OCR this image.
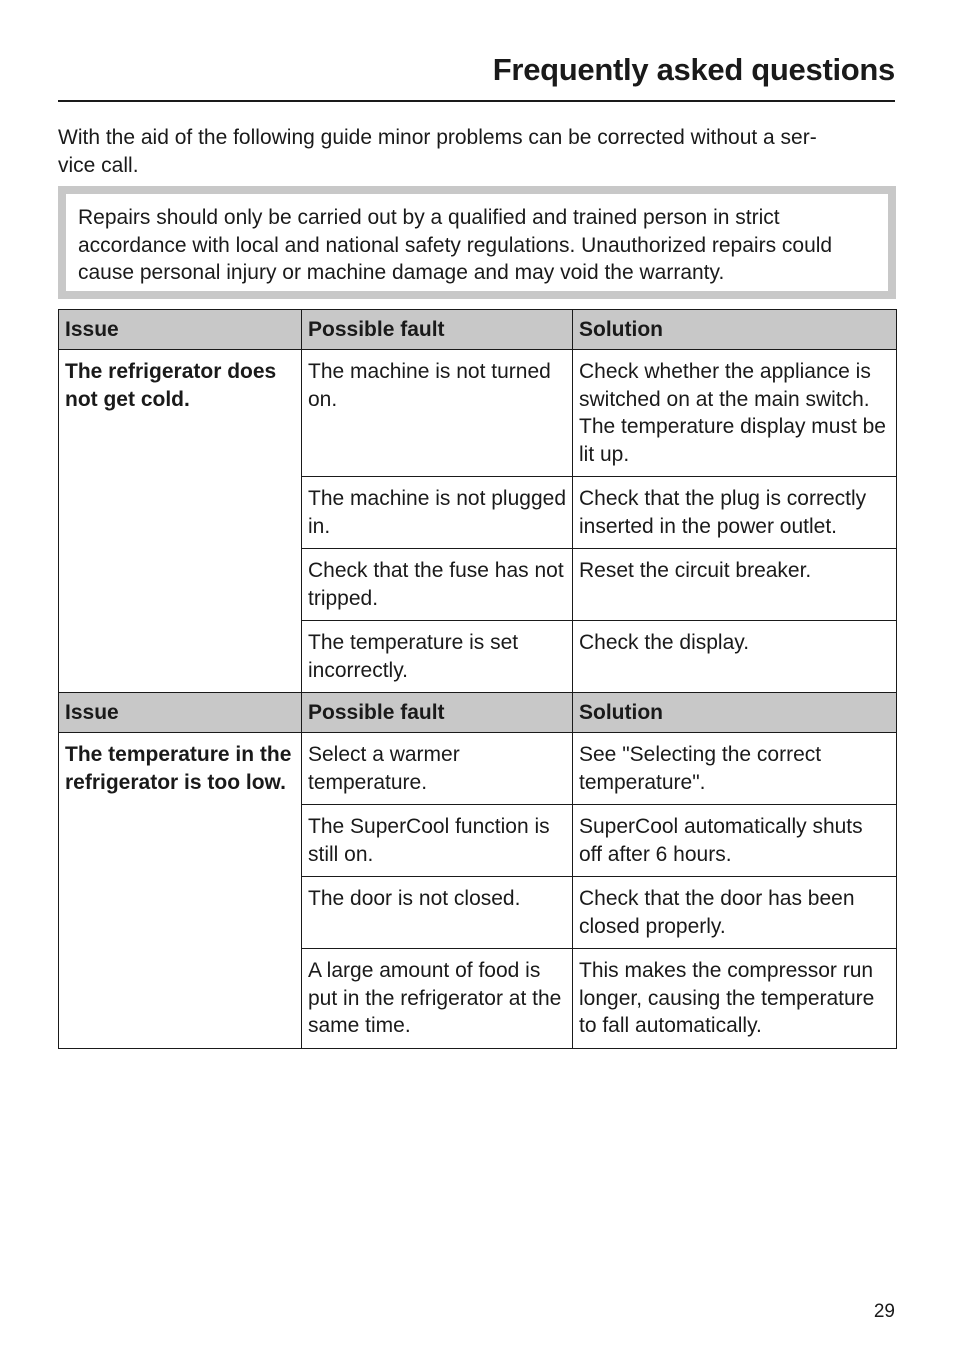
Frequently asked questions

With the aid of the following guide minor problems can be corrected without a ser-
vice call.

Repairs should only be carried out by a qualified and trained person in strict accordance with local and national safety regulations. Unauthorized repairs could cause personal injury or machine damage and may void the warranty.

Issue	Possible fault	Solution
The refrigerator does not get cold.	The machine is not turned on.	Check whether the appliance is switched on at the main switch. The temperature display must be lit up.
	The machine is not plugged in.	Check that the plug is correctly inserted in the power outlet.
	Check that the fuse has not tripped.	Reset the circuit breaker.
	The temperature is set incorrectly.	Check the display.
Issue	Possible fault	Solution
The temperature in the refrigerator is too low.	Select a warmer temperature.	See "Selecting the correct temperature".
	The SuperCool function is still on.	SuperCool automatically shuts off after 6 hours.
	The door is not closed.	Check that the door has been closed properly.
	A large amount of food is put in the refrigerator at the same time.	This makes the compressor run longer, causing the temperature to fall automatically.
29
